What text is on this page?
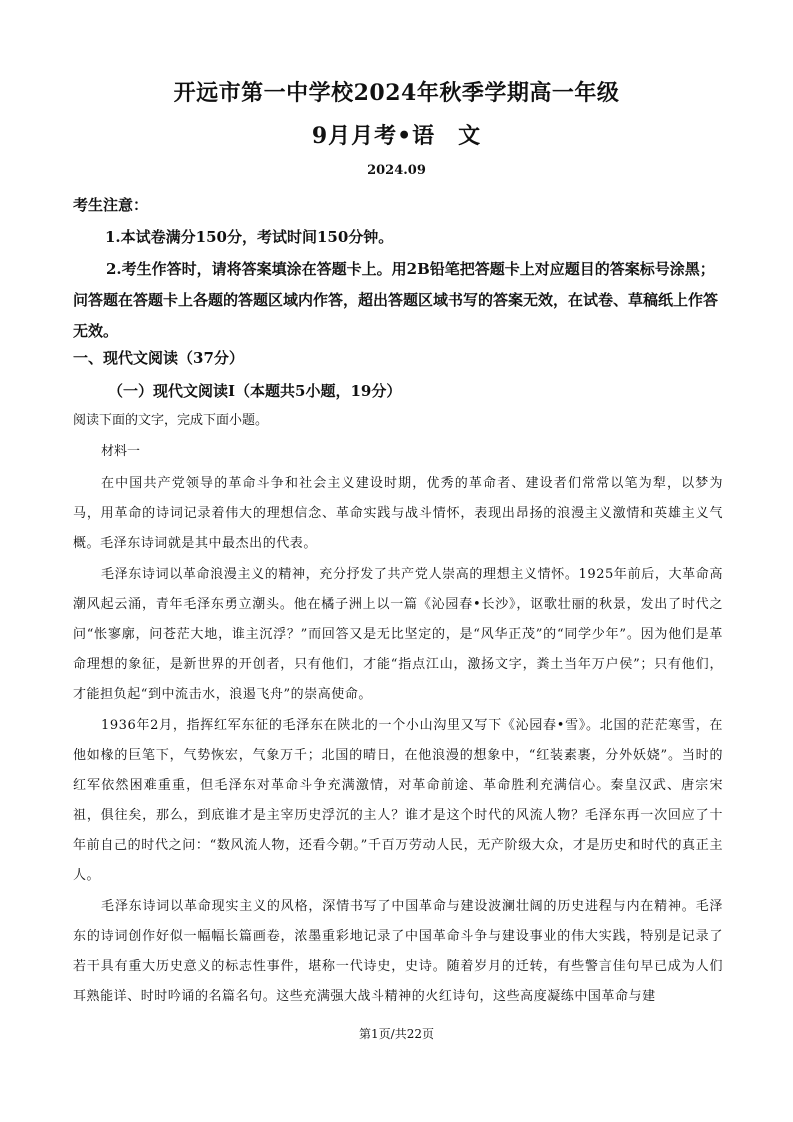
开远市第一中学校2024年秋季学期高一年级
9月月考•语　文
2024.09
考生注意：
1.本试卷满分150分，考试时间150分钟。
2.考生作答时，请将答案填涂在答题卡上。用2B铅笔把答题卡上对应题目的答案标号涂黑；问答题在答题卡上各题的答题区域内作答，超出答题区域书写的答案无效，在试卷、草稿纸上作答无效。
一、现代文阅读（37分）
（一）现代文阅读Ⅰ（本题共5小题，19分）
阅读下面的文字，完成下面小题。
材料一

在中国共产党领导的革命斗争和社会主义建设时期，优秀的革命者、建设者们常常以笔为犁，以梦为马，用革命的诗词记录着伟大的理想信念、革命实践与战斗情怀，表现出昂扬的浪漫主义激情和英雄主义气概。毛泽东诗词就是其中最杰出的代表。

毛泽东诗词以革命浪漫主义的精神，充分抒发了共产党人崇高的理想主义情怀。1925年前后，大革命高潮风起云涌，青年毛泽东勇立潮头。他在橘子洲上以一篇《沁园春•长沙》，讴歌壮丽的秋景，发出了时代之问“怅寥廓，问苍茫大地，谁主沉浮？”而回答又是无比坚定的，是“风华正茂”的“同学少年”。因为他们是革命理想的象征，是新世界的开创者，只有他们，才能“指点江山，激扬文字，粪土当年万户侯”；只有他们，才能担负起“到中流击水，浪遏飞舟”的崇高使命。

1936年2月，指挥红军东征的毛泽东在陕北的一个小山沟里又写下《沁园春•雪》。北国的茫茫寒雪，在他如椽的巨笔下，气势恢宏，气象万千；北国的晴日，在他浪漫的想象中，“红装素裹，分外妖娆”。当时的红军依然困难重重，但毛泽东对革命斗争充满激情，对革命前途、革命胜利充满信心。秦皇汉武、唐宗宋祖，俱往矣，那么，到底谁才是主宰历史浮沉的主人？谁才是这个时代的风流人物？毛泽东再一次回应了十年前自己的时代之问：“数风流人物，还看今朝。”千百万劳动人民，无产阶级大众，才是历史和时代的真正主人。

毛泽东诗词以革命现实主义的风格，深情书写了中国革命与建设波澜壮阔的历史进程与内在精神。毛泽东的诗词创作好似一幅幅长篇画卷，浓墨重彩地记录了中国革命斗争与建设事业的伟大实践，特别是记录了若干具有重大历史意义的标志性事件，堪称一代诗史，史诗。随着岁月的迁转，有些警言佳句早已成为人们耳熟能详、时时吟诵的名篇名句。这些充满强大战斗精神的火红诗句，这些高度凝练中国革命与建

第1页/共22页
